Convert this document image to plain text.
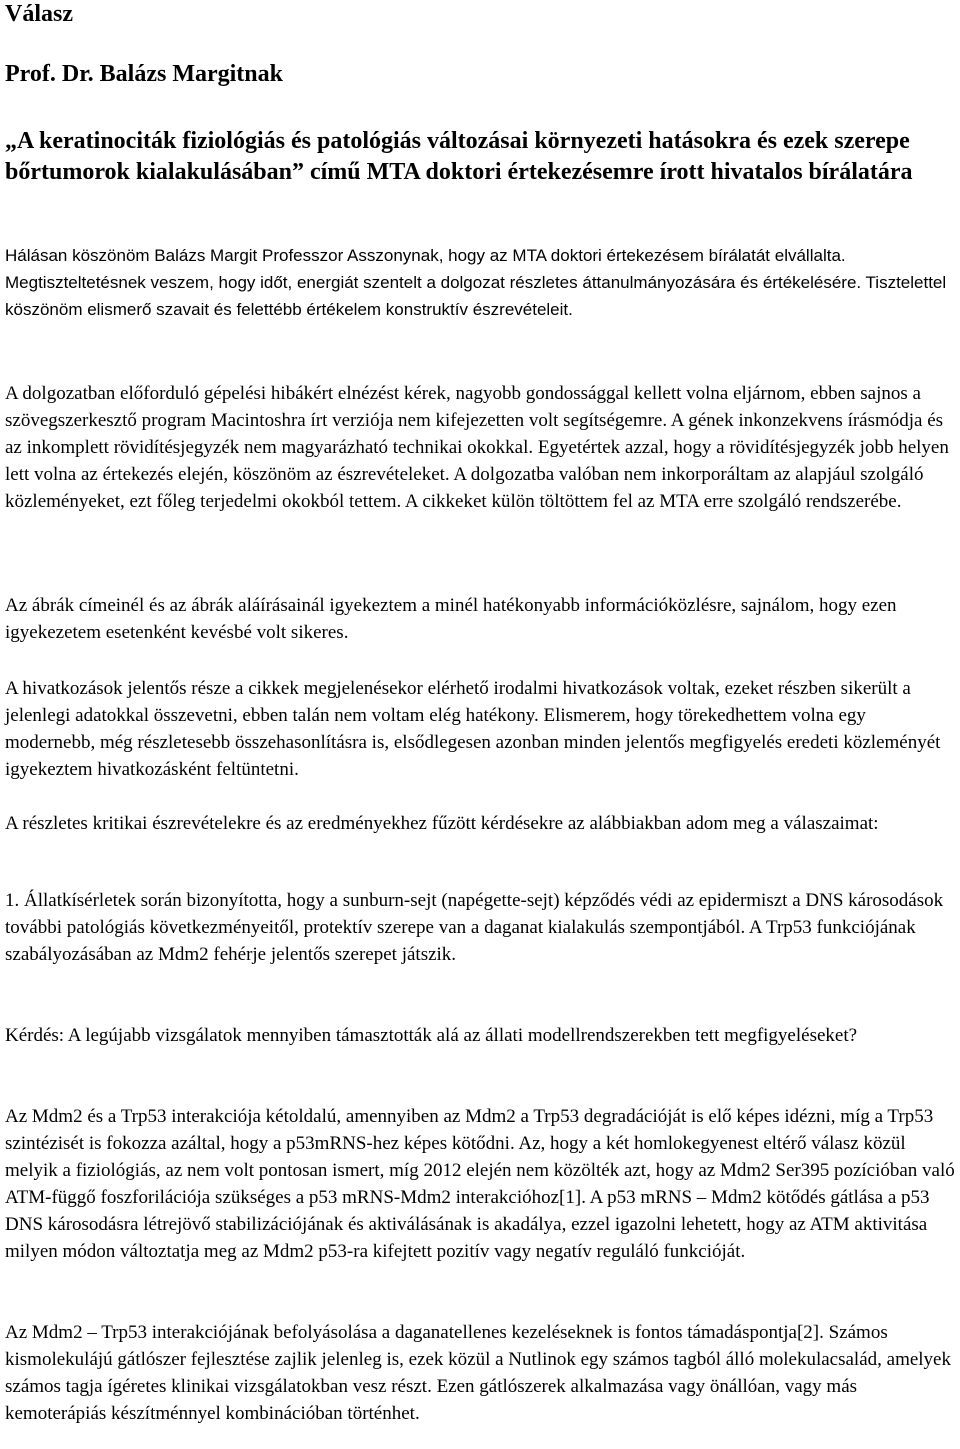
Válasz
Prof. Dr. Balázs Margitnak
„A keratinociták fiziológiás és patológiás változásai környezeti hatásokra és ezek szerepe bőrtumorok kialakulásában” című MTA doktori értekezésemre írott hivatalos bírálatára

Hálásan köszönöm Balázs Margit Professzor Asszonynak, hogy az MTA doktori értekezésem bírálatát elvállalta. Megtiszteltetésnek veszem, hogy időt, energiát szentelt a dolgozat részletes áttanulmányozására és értékelésére. Tisztelettel köszönöm elismerő szavait és felettébb értékelem konstruktív észrevételeit.

A dolgozatban előforduló gépelési hibákért elnézést kérek, nagyobb gondossággal kellett volna eljárnom, ebben sajnos a szövegszerkesztő program Macintoshra írt verziója nem kifejezetten volt segítségemre. A gének inkonzekvens írásmódja és az inkomplett rövidítésjegyzék nem magyarázható technikai okokkal. Egyetértek azzal, hogy a rövidítésjegyzék jobb helyen lett volna az értekezés elején, köszönöm az észrevételeket. A dolgozatba valóban nem inkorporáltam az alapjául szolgáló közleményeket, ezt főleg terjedelmi okokból tettem. A cikkeket külön töltöttem fel az MTA erre szolgáló rendszerébe.

Az ábrák címeinél és az ábrák aláírásainál igyekeztem a minél hatékonyabb információközlésre, sajnálom, hogy ezen igyekezetem esetenként kevésbé volt sikeres.

A hivatkozások jelentős része a cikkek megjelenésekor elérhető irodalmi hivatkozások voltak, ezeket részben sikerült a jelenlegi adatokkal összevetni, ebben talán nem voltam elég hatékony. Elismerem, hogy törekedhettem volna egy modernebb, még részletesebb összehasonlításra is, elsődlegesen azonban minden jelentős megfigyelés eredeti közleményét igyekeztem hivatkozásként feltüntetni.

A részletes kritikai észrevételekre és az eredményekhez fűzött kérdésekre az alábbiakban adom meg a válaszaimat:

1. Állatkísérletek során bizonyította, hogy a sunburn-sejt (napégette-sejt) képződés védi az epidermiszt a DNS károsodások további patológiás következményeitől, protektív szerepe van a daganat kialakulás szempontjából. A Trp53 funkciójának szabályozásában az Mdm2 fehérje jelentős szerepet játszik.

Kérdés: A legújabb vizsgálatok mennyiben támasztották alá az állati modellrendszerekben tett megfigyeléseket?

Az Mdm2 és a Trp53 interakciója kétoldalú, amennyiben az Mdm2 a Trp53 degradációját is elő képes idézni, míg a Trp53 szintézisét is fokozza azáltal, hogy a p53mRNS-hez képes kötődni. Az, hogy a két homlokegyenest eltérő válasz közül melyik a fiziológiás, az nem volt pontosan ismert, míg 2012 elején nem közölték azt, hogy az Mdm2 Ser395 pozícióban való ATM-függő foszforilációja szükséges a p53 mRNS-Mdm2 interakcióhoz[1]. A p53 mRNS – Mdm2 kötődés gátlása a p53 DNS károsodásra létrejövő stabilizációjának és aktiválásának is akadálya, ezzel igazolni lehetett, hogy az ATM aktivitása milyen módon változtatja meg az Mdm2 p53-ra kifejtett pozitív vagy negatív reguláló funkcióját.

Az Mdm2 – Trp53 interakciójának befolyásolása a daganatellenes kezeléseknek is fontos támadáspontja[2]. Számos kismolekulájú gátlószer fejlesztése zajlik jelenleg is, ezek közül a Nutlinok egy számos tagból álló molekulacsalád, amelyek számos tagja ígéretes klinikai vizsgálatokban vesz részt. Ezen gátlószerek alkalmazása vagy önállóan, vagy más kemoterápiás készítménnyel kombinációban történhet.
